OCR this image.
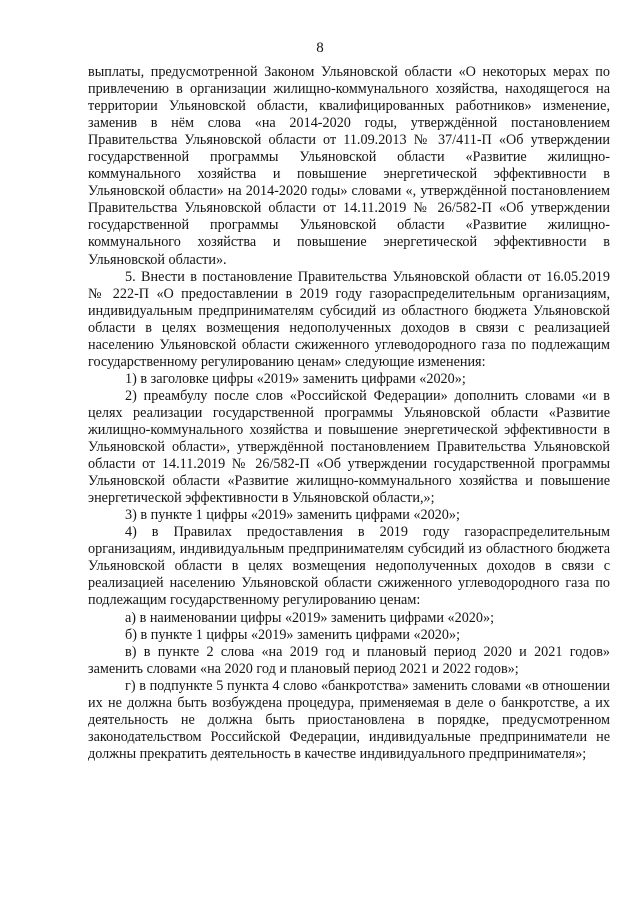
8

выплаты, предусмотренной Законом Ульяновской области «О некоторых мерах по привлечению в организации жилищно-коммунального хозяйства, находящегося на территории Ульяновской области, квалифицированных работников» изменение, заменив в нём слова «на 2014-2020 годы, утверждённой постановлением Правительства Ульяновской области от 11.09.2013 № 37/411-П «Об утверждении государственной программы Ульяновской области «Развитие жилищно-коммунального хозяйства и повышение энергетической эффективности в Ульяновской области» на 2014-2020 годы» словами «, утверждённой постановлением Правительства Ульяновской области от 14.11.2019 № 26/582-П «Об утверждении государственной программы Ульяновской области «Развитие жилищно-коммунального хозяйства и повышение энергетической эффективности в Ульяновской области».

5. Внести в постановление Правительства Ульяновской области от 16.05.2019 № 222-П «О предоставлении в 2019 году газораспределительным организациям, индивидуальным предпринимателям субсидий из областного бюджета Ульяновской области в целях возмещения недополученных доходов в связи с реализацией населению Ульяновской области сжиженного углеводородного газа по подлежащим государственному регулированию ценам» следующие изменения:

1) в заголовке цифры «2019» заменить цифрами «2020»;

2) преамбулу после слов «Российской Федерации» дополнить словами «и в целях реализации государственной программы Ульяновской области «Развитие жилищно-коммунального хозяйства и повышение энергетической эффективности в Ульяновской области», утверждённой постановлением Правительства Ульяновской области от 14.11.2019 № 26/582-П «Об утверждении государственной программы Ульяновской области «Развитие жилищно-коммунального хозяйства и повышение энергетической эффективности в Ульяновской области,»;

3) в пункте 1 цифры «2019» заменить цифрами «2020»;

4) в Правилах предоставления в 2019 году газораспределительным организациям, индивидуальным предпринимателям субсидий из областного бюджета Ульяновской области в целях возмещения недополученных доходов в связи с реализацией населению Ульяновской области сжиженного углеводородного газа по подлежащим государственному регулированию ценам:

а) в наименовании цифры «2019» заменить цифрами «2020»;

б) в пункте 1 цифры «2019» заменить цифрами «2020»;

в) в пункте 2 слова «на 2019 год и плановый период 2020 и 2021 годов» заменить словами «на 2020 год и плановый период 2021 и 2022 годов»;

г) в подпункте 5 пункта 4 слово «банкротства» заменить словами «в отношении их не должна быть возбуждена процедура, применяемая в деле о банкротстве, а их деятельность не должна быть приостановлена в порядке, предусмотренном законодательством Российской Федерации, индивидуальные предприниматели не должны прекратить деятельность в качестве индивидуального предпринимателя»;
